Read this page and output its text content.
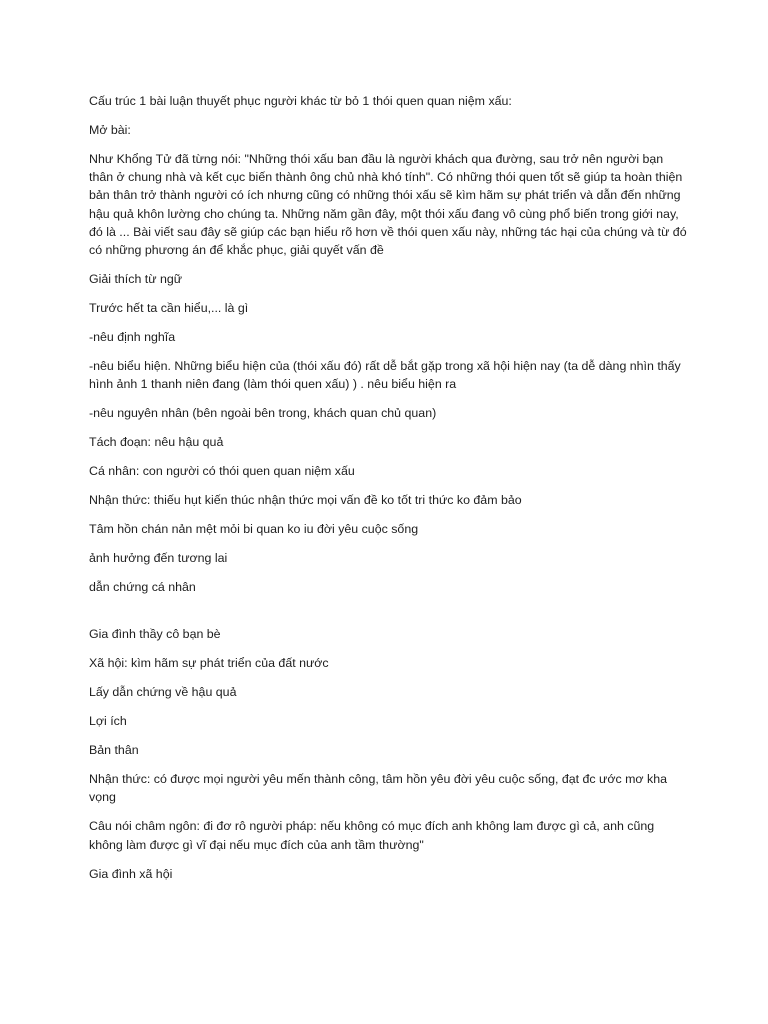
Cấu trúc 1 bài luận thuyết phục người khác từ bỏ 1 thói quen quan niệm xấu:

Mở bài:

Như Khổng Tử đã từng nói: "Những thói xấu ban đầu là người khách qua đường, sau trở nên người bạn thân ở chung nhà và kết cục biến thành ông chủ nhà khó tính". Có những thói quen tốt sẽ giúp ta hoàn thiện bản thân trở thành người có ích nhưng cũng có những thói xấu sẽ kìm hãm sự phát triển và dẫn đến những hậu quả khôn lường cho chúng ta. Những năm gần đây, một thói xấu đang vô cùng phổ biến trong giới nay, đó là ... Bài viết sau đây sẽ giúp các bạn hiểu rõ hơn về thói quen xấu này, những tác hại của chúng và từ đó có những phương án để khắc phục, giải quyết vấn đề

Giải thích từ ngữ

Trước hết ta cần hiểu,... là gì

-nêu định nghĩa

-nêu biểu hiện. Những biểu hiện của (thói xấu đó) rất dễ bắt gặp trong xã hội hiện nay (ta dễ dàng nhìn thấy hình ảnh 1 thanh niên đang (làm thói quen xấu) ) . nêu biểu hiện ra

-nêu nguyên nhân (bên ngoài bên trong, khách quan chủ quan)

Tách đoạn: nêu hậu quả

Cá nhân: con người có thói quen quan niệm xấu

Nhận thức: thiếu hụt kiến thúc nhận thức mọi vấn đề ko tốt tri thức ko đảm bảo

Tâm hồn chán nản mệt mỏi bi quan ko iu đời yêu cuộc sống

ảnh hưởng đến tương lai

dẫn chứng cá nhân

Gia đình thầy cô bạn bè

Xã hội: kìm hãm sự phát triển của đất nước

Lấy dẫn chứng về hậu quả

Lợi ích

Bản thân

Nhận thức: có được mọi người yêu mến thành công, tâm hồn yêu đời yêu cuộc sống, đạt đc ước mơ kha vọng

Câu nói châm ngôn: đi đơ rô người pháp: nếu không có mục đích anh không lam được gì cả, anh cũng không làm được gì vĩ đại nếu mục đích của anh tầm thường"

Gia đình xã hội
